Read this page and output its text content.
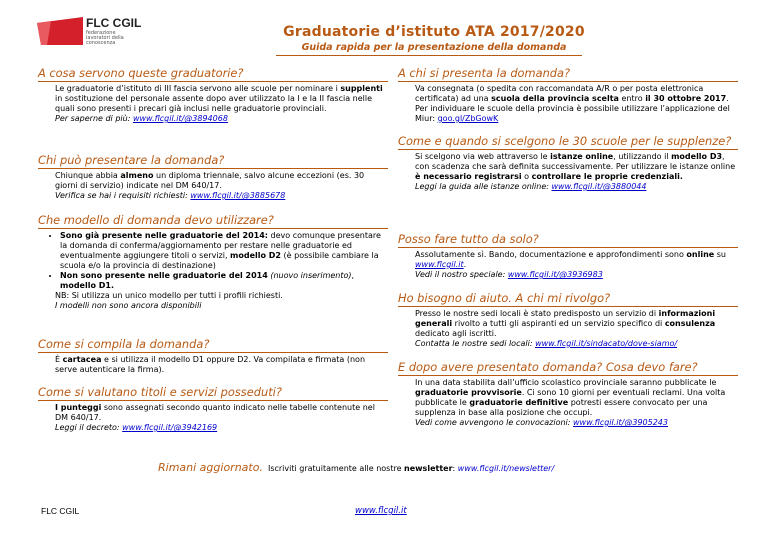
FLC CGIL
federazione lavoratori della conoscenza
Graduatorie d’istituto ATA 2017/2020
Guida rapida per la presentazione della domanda
A cosa servono queste graduatorie?

Le graduatorie d’istituto di III fascia servono alle scuole per nominare i supplenti in sostituzione del personale assente dopo aver utilizzato la I e la II fascia nelle quali sono presenti i precari già inclusi nelle graduatorie provinciali.

Per saperne di più: www.flcgil.it/@3894068

Chi può presentare la domanda?

Chiunque abbia almeno un diploma triennale, salvo alcune eccezioni (es. 30 giorni di servizio) indicate nel DM 640/17.

Verifica se hai i requisiti richiesti: www.flcgil.it/@3885678

Che modello di domanda devo utilizzare?
• Sono già presente nelle graduatorie del 2014: devo comunque presentare la domanda di conferma/aggiornamento per restare nelle graduatorie ed eventualmente aggiungere titoli o servizi, modello D2 (è possibile cambiare la scuola e/o la provincia di destinazione)
• Non sono presente nelle graduatorie del 2014 (nuovo inserimento), modello D1.

NB: Si utilizza un unico modello per tutti i profili richiesti.

I modelli non sono ancora disponibili

Come si compila la domanda?

È cartacea e si utilizza il modello D1 oppure D2. Va compilata e firmata (non serve autenticare la firma).

Come si valutano titoli e servizi posseduti?

I punteggi sono assegnati secondo quanto indicato nelle tabelle contenute nel DM 640/17.

Leggi il decreto: www.flcgil.it/@3942169

A chi si presenta la domanda?

Va consegnata (o spedita con raccomandata A/R o per posta elettronica certificata) ad una scuola della provincia scelta entro il 30 ottobre 2017. Per individuare le scuole della provincia è possibile utilizzare l’applicazione del Miur: goo.gl/ZbGowK

Come e quando si scelgono le 30 scuole per le supplenze?

Si scelgono via web attraverso le istanze online, utilizzando il modello D3, con scadenza che sarà definita successivamente. Per utilizzare le istanze online è necessario registrarsi o controllare le proprie credenziali.

Leggi la guida alle istanze online: www.flcgil.it/@3880044

Posso fare tutto da solo?

Assolutamente sì. Bando, documentazione e approfondimenti sono online su www.flcgil.it.

Vedi il nostro speciale: www.flcgil.it/@3936983

Ho bisogno di aiuto. A chi mi rivolgo?

Presso le nostre sedi locali è stato predisposto un servizio di informazioni generali rivolto a tutti gli aspiranti ed un servizio specifico di consulenza dedicato agli iscritti.

Contatta le nostre sedi locali: www.flcgil.it/sindacato/dove-siamo/

E dopo avere presentato domanda? Cosa devo fare?

In una data stabilita dall’ufficio scolastico provinciale saranno pubblicate le graduatorie provvisorie. Ci sono 10 giorni per eventuali reclami. Una volta pubblicate le graduatorie definitive potresti essere convocato per una supplenza in base alla posizione che occupi.

Vedi come avvengono le convocazioni: www.flcgil.it/@3905243

Rimani aggiornato. Iscriviti gratuitamente alle nostre newsletter: www.flcgil.it/newsletter/
FLC CGIL	www.flcgil.it
